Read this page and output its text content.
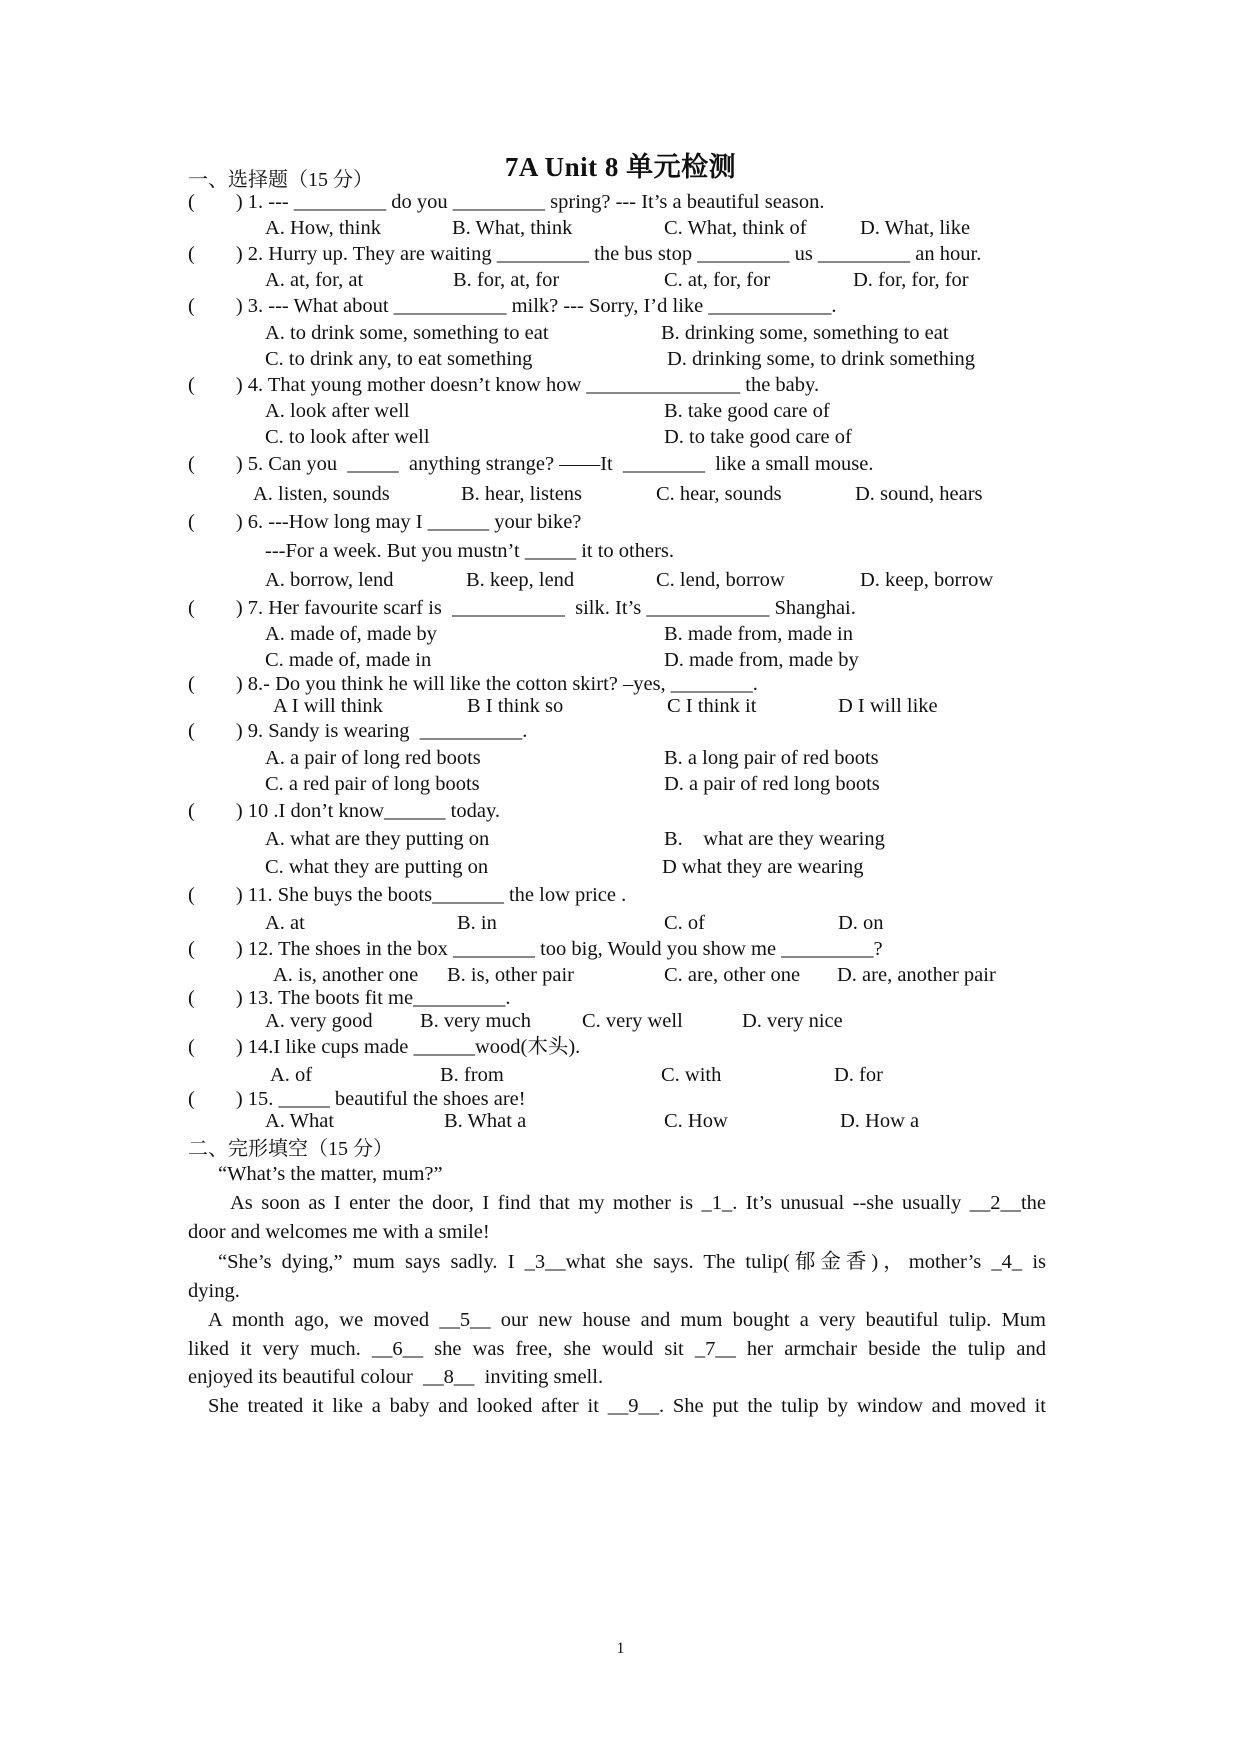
7A Unit 8 单元检测
一、选择题（15 分）
(        ) 1. --- _________ do you _________ spring? --- It’s a beautiful season.
A. How, think	B. What, think	C. What, think of	D. What, like
(        ) 2. Hurry up. They are waiting _________ the bus stop _________ us _________ an hour.
A. at, for, at	B. for, at, for	C. at, for, for	D. for, for, for
(        ) 3. --- What about ___________ milk? --- Sorry, I’d like ____________.
A. to drink some, something to eat	B. drinking some, something to eat
C. to drink any, to eat something	D. drinking some, to drink something
(        ) 4. That young mother doesn’t know how _______________ the baby.
A. look after well	B. take good care of
C. to look after well	D. to take good care of
(        ) 5. Can you  _____  anything strange? ——It  ________  like a small mouse.
A. listen, sounds	B. hear, listens	C. hear, sounds	D. sound, hears
(        ) 6. ---How long may I ______ your bike?
---For a week. But you mustn’t _____ it to others.
A. borrow, lend	B. keep, lend	C. lend, borrow	D. keep, borrow
(        ) 7. Her favourite scarf is  ___________  silk. It’s ____________ Shanghai.
A. made of, made by	B. made from, made in
C. made of, made in	D. made from, made by
(        ) 8.- Do you think he will like the cotton skirt? –yes, ________.
A I will think	B I think so	C I think it	D I will like
(        ) 9. Sandy is wearing  __________.
A. a pair of long red boots	B. a long pair of red boots
C. a red pair of long boots	D. a pair of red long boots
(        ) 10 .I don’t know______ today.
A. what are they putting on	B.    what are they wearing
C. what they are putting on	D what they are wearing
(        ) 11. She buys the boots_______ the low price .
A. at	B. in	C. of	D. on
(        ) 12. The shoes in the box ________ too big, Would you show me _________?
A. is, another one B. is, other pair	C. are, other one D. are, another pair
(        ) 13. The boots fit me_________.
A. very good B. very much C. very well	D. very nice
(        ) 14.I like cups made ______wood(木头).
A. of	B. from	C. with	D. for
(        ) 15. _____ beautiful the shoes are!
A. What	B. What a	C. How	D. How a
二、完形填空（15 分）
“What’s the matter, mum?”
As soon as I enter the door, I find that my mother is _1_. It’s unusual --she usually __2__the
door and welcomes me with a smile!
“She’s dying,” mum says sadly. I _3__what she says. The tulip(郁金香)，mother’s _4_ is
dying.
A month ago, we moved __5__ our new house and mum bought a very beautiful tulip. Mum
liked it very much. __6__ she was free, she would sit _7__ her armchair beside the tulip and
enjoyed its beautiful colour  __8__  inviting smell.
She treated it like a baby and looked after it __9__. She put the tulip by window and moved it
1
